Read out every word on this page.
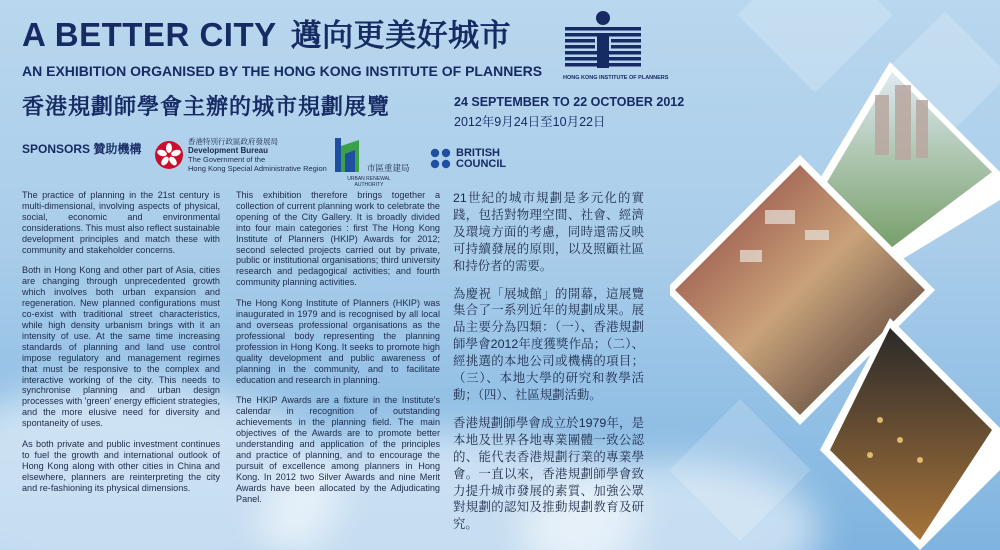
A BETTER CITY 邁向更美好城市
AN EXHIBITION ORGANISED BY THE HONG KONG INSTITUTE OF PLANNERS
香港規劃師學會主辦的城市規劃展覽	24 SEPTEMBER TO 22 OCTOBER 2012
2012年9月24日至10月22日
HONG KONG INSTITUTE OF PLANNERS
SPONSORS 贊助機構
香港特別行政區政府發展局
Development Bureau
The Government of the
Hong Kong Special Administrative Region	市區重建局
URBAN RENEWAL
AUTHORITY
BRITISH
COUNCIL

The practice of planning in the 21st century is multi-dimensional, involving aspects of physical, social, economic and environmental considerations. This must also reflect sustainable development principles and match these with community and stakeholder concerns.

Both in Hong Kong and other part of Asia, cities are changing through unprecedented growth which involves both urban expansion and regeneration. New planned configurations must co-exist with traditional street characteristics, while high density urbanism brings with it an intensity of use. At the same time increasing standards of planning and land use control impose regulatory and management regimes that must be responsive to the complex and interactive working of the city. This needs to synchronise planning and urban design processes with 'green' energy efficient strategies, and the more elusive need for diversity and spontaneity of uses.

As both private and public investment continues to fuel the growth and international outlook of Hong Kong along with other cities in China and elsewhere, planners are reinterpreting the city and re-fashioning its physical dimensions.

This exhibition therefore brings together a collection of current planning work to celebrate the opening of the City Gallery. It is broadly divided into four main categories : first The Hong Kong Institute of Planners (HKIP) Awards for 2012; second selected projects carried out by private, public or institutional organisations; third university research and pedagogical activities; and fourth community planning activities.

The Hong Kong Institute of Planners (HKIP) was inaugurated in 1979 and is recognised by all local and overseas professional organisations as the professional body representing the planning profession in Hong Kong. It seeks to promote high quality development and public awareness of planning in the community, and to facilitate education and research in planning.

The HKIP Awards are a fixture in the Institute's calendar in recognition of outstanding achievements in the planning field. The main objectives of the Awards are to promote better understanding and application of the principles and practice of planning, and to encourage the pursuit of excellence among planners in Hong Kong. In 2012 two Silver Awards and nine Merit Awards have been allocated by the Adjudicating Panel.

21世紀的城市規劃是多元化的實踐，包括對物理空間、社會、經濟及環境方面的考慮，同時還需反映可持續發展的原則，以及照顧社區和持份者的需要。

為慶祝「展城館」的開幕，這展覽集合了一系列近年的規劃成果。展品主要分為四類：（一）、香港規劃師學會2012年度獲獎作品；（二）、經挑選的本地公司或機構的項目；（三）、本地大學的研究和教學活動；（四）、社區規劃活動。

香港規劃師學會成立於1979年，是本地及世界各地專業團體一致公認的、能代表香港規劃行業的專業學會。一直以來，香港規劃師學會致力提升城市發展的素質、加強公眾對規劃的認知及推動規劃教育及研究。
